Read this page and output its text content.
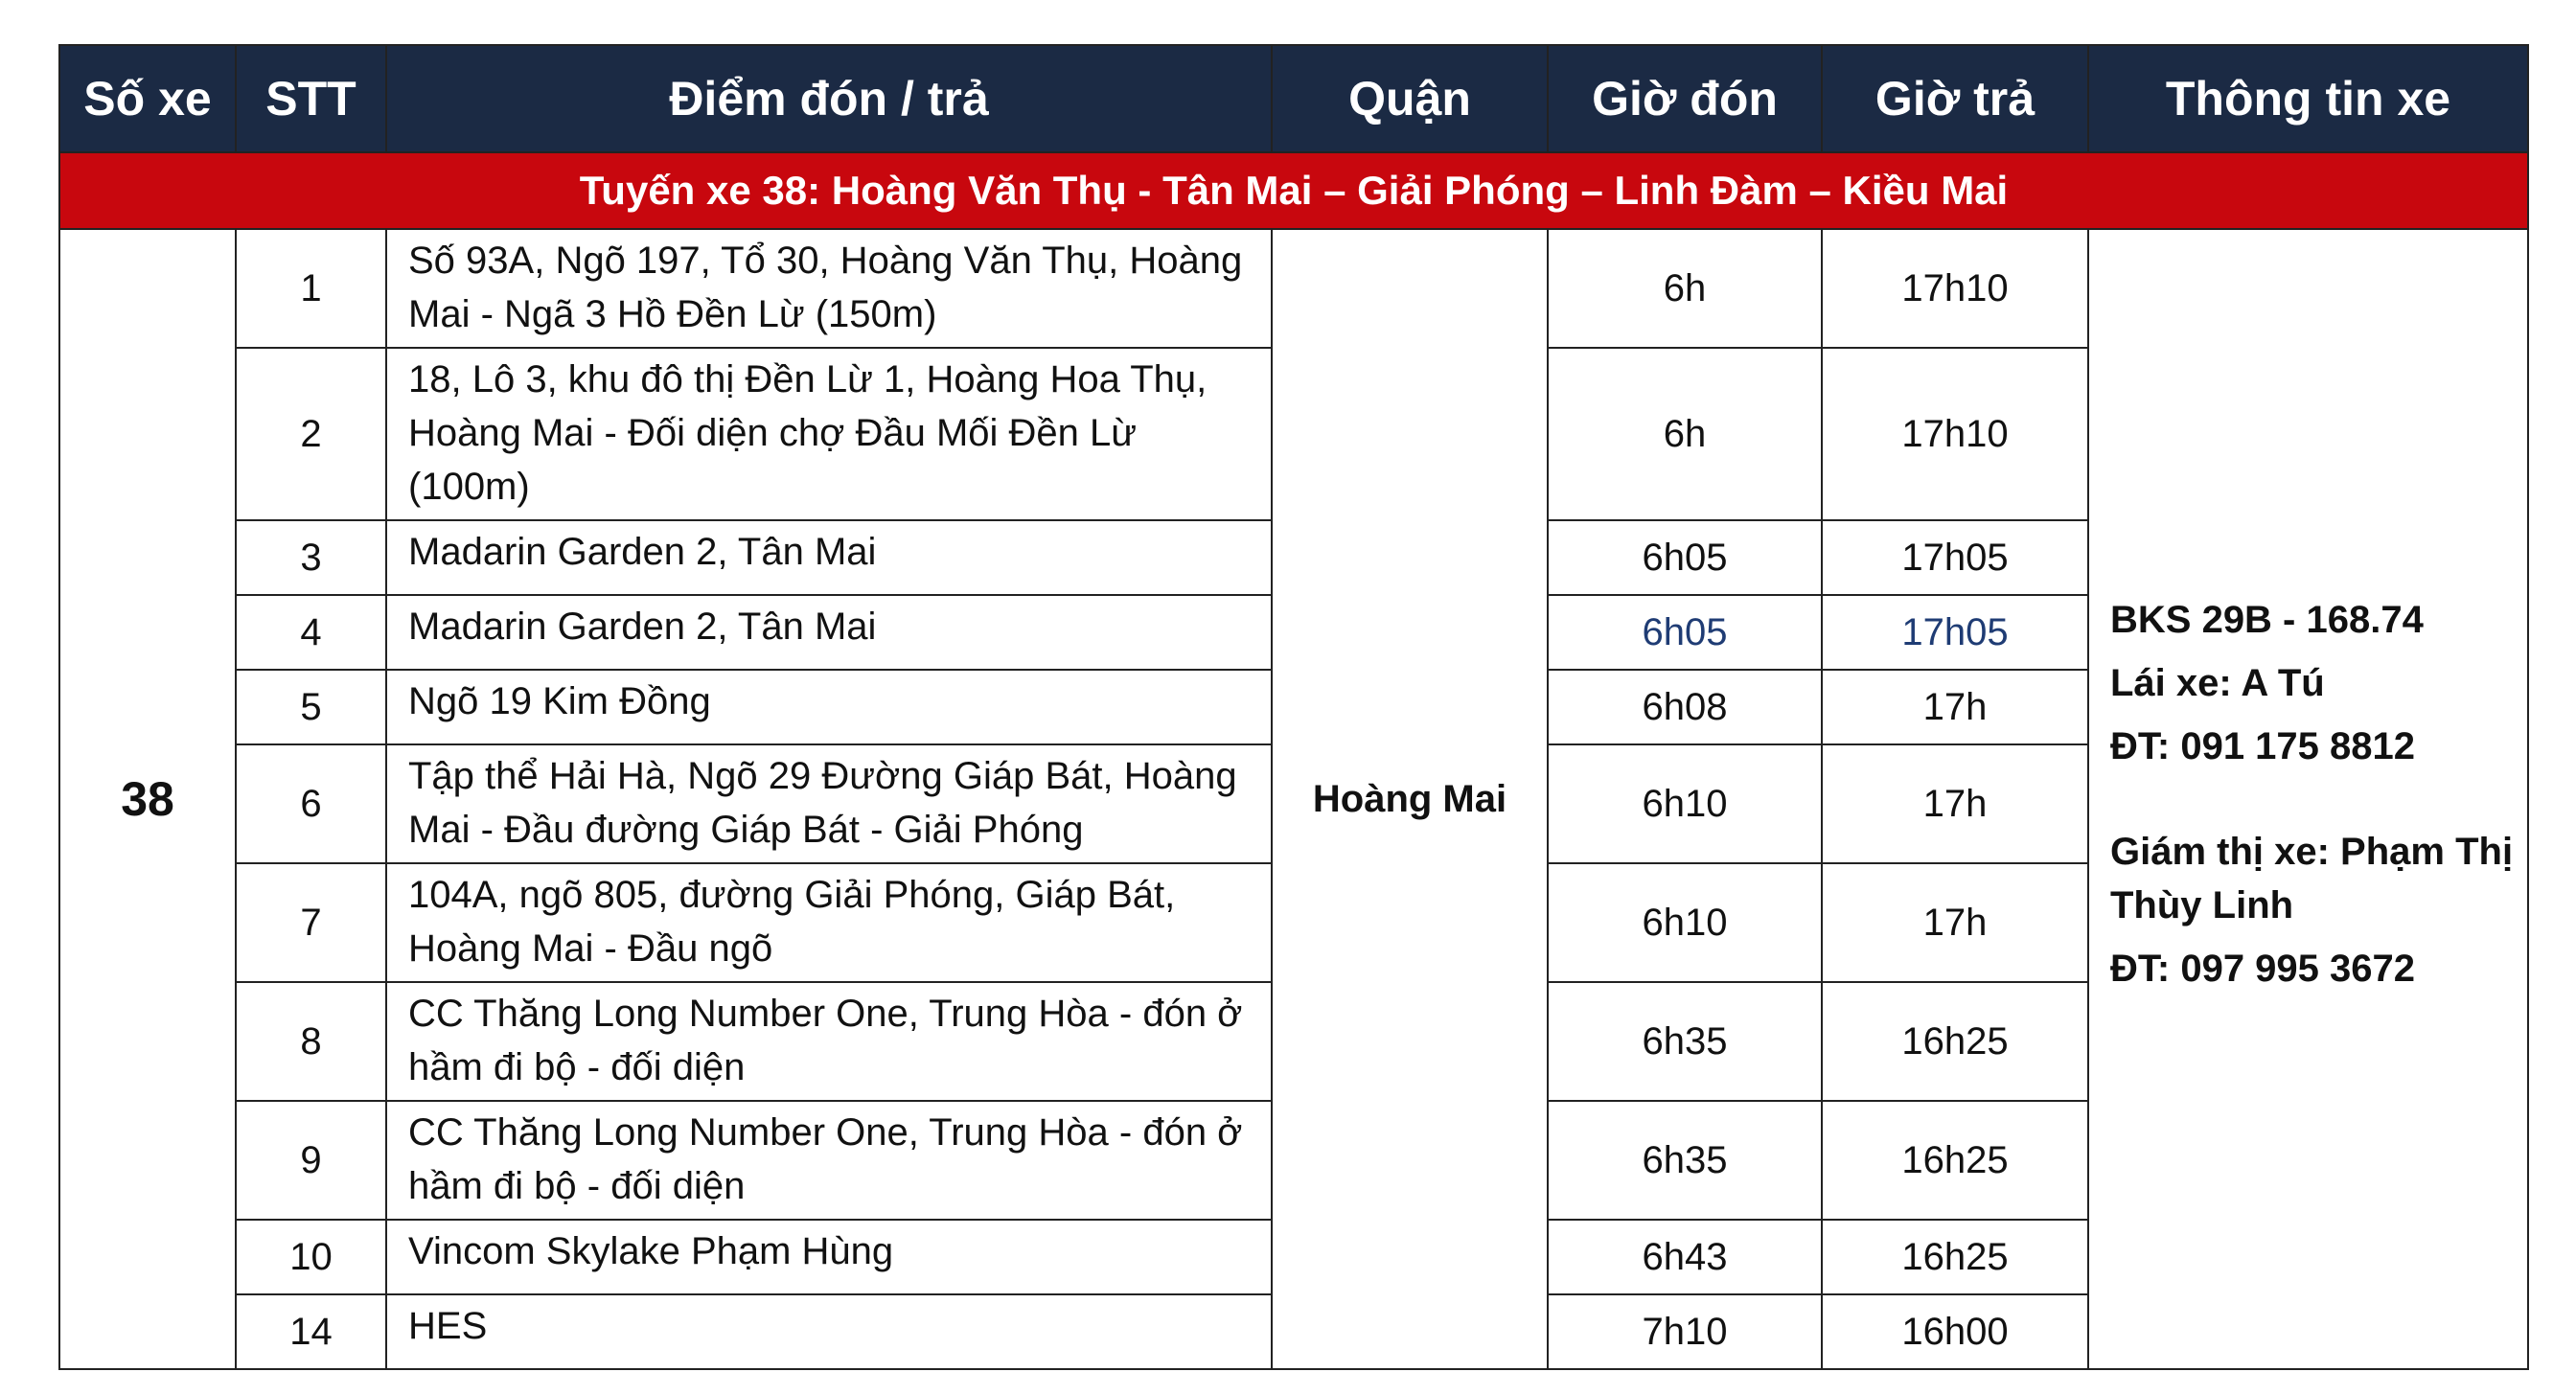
Số xe	STT	Điểm đón / trả	Quận	Giờ đón	Giờ trả	Thông tin xe
Tuyến xe 38: Hoàng Văn Thụ - Tân Mai – Giải Phóng – Linh Đàm – Kiều Mai						
38	1	Số 93A, Ngõ 197, Tổ 30, Hoàng Văn Thụ, Hoàng Mai - Ngã 3 Hồ Đền Lừ (150m)	Hoàng Mai	6h	17h10	BKS 29B - 168.74

Lái xe: A Tú

ĐT: 091 175 8812

Giám thị xe: Phạm Thị Thùy Linh

ĐT: 097 995 3672

	2	18, Lô 3, khu đô thị Đền Lừ 1, Hoàng Hoa Thụ, Hoàng Mai - Đối diện chợ Đầu Mối Đền Lừ (100m)		6h	17h10	
	3	Madarin Garden 2, Tân Mai		6h05	17h05	
	4	Madarin Garden 2, Tân Mai		6h05	17h05	
	5	Ngõ 19 Kim Đồng		6h08	17h	
	6	Tập thể Hải Hà, Ngõ 29 Đường Giáp Bát, Hoàng Mai - Đầu đường Giáp Bát - Giải Phóng		6h10	17h	
	7	104A, ngõ 805, đường Giải Phóng, Giáp Bát, Hoàng Mai - Đầu ngõ		6h10	17h	
	8	CC Thăng Long Number One, Trung Hòa - đón ở hầm đi bộ - đối diện		6h35	16h25	
	9	CC Thăng Long Number One, Trung Hòa - đón ở hầm đi bộ - đối diện		6h35	16h25	
	10	Vincom Skylake Phạm Hùng		6h43	16h25	
	14	HES		7h10	16h00	
